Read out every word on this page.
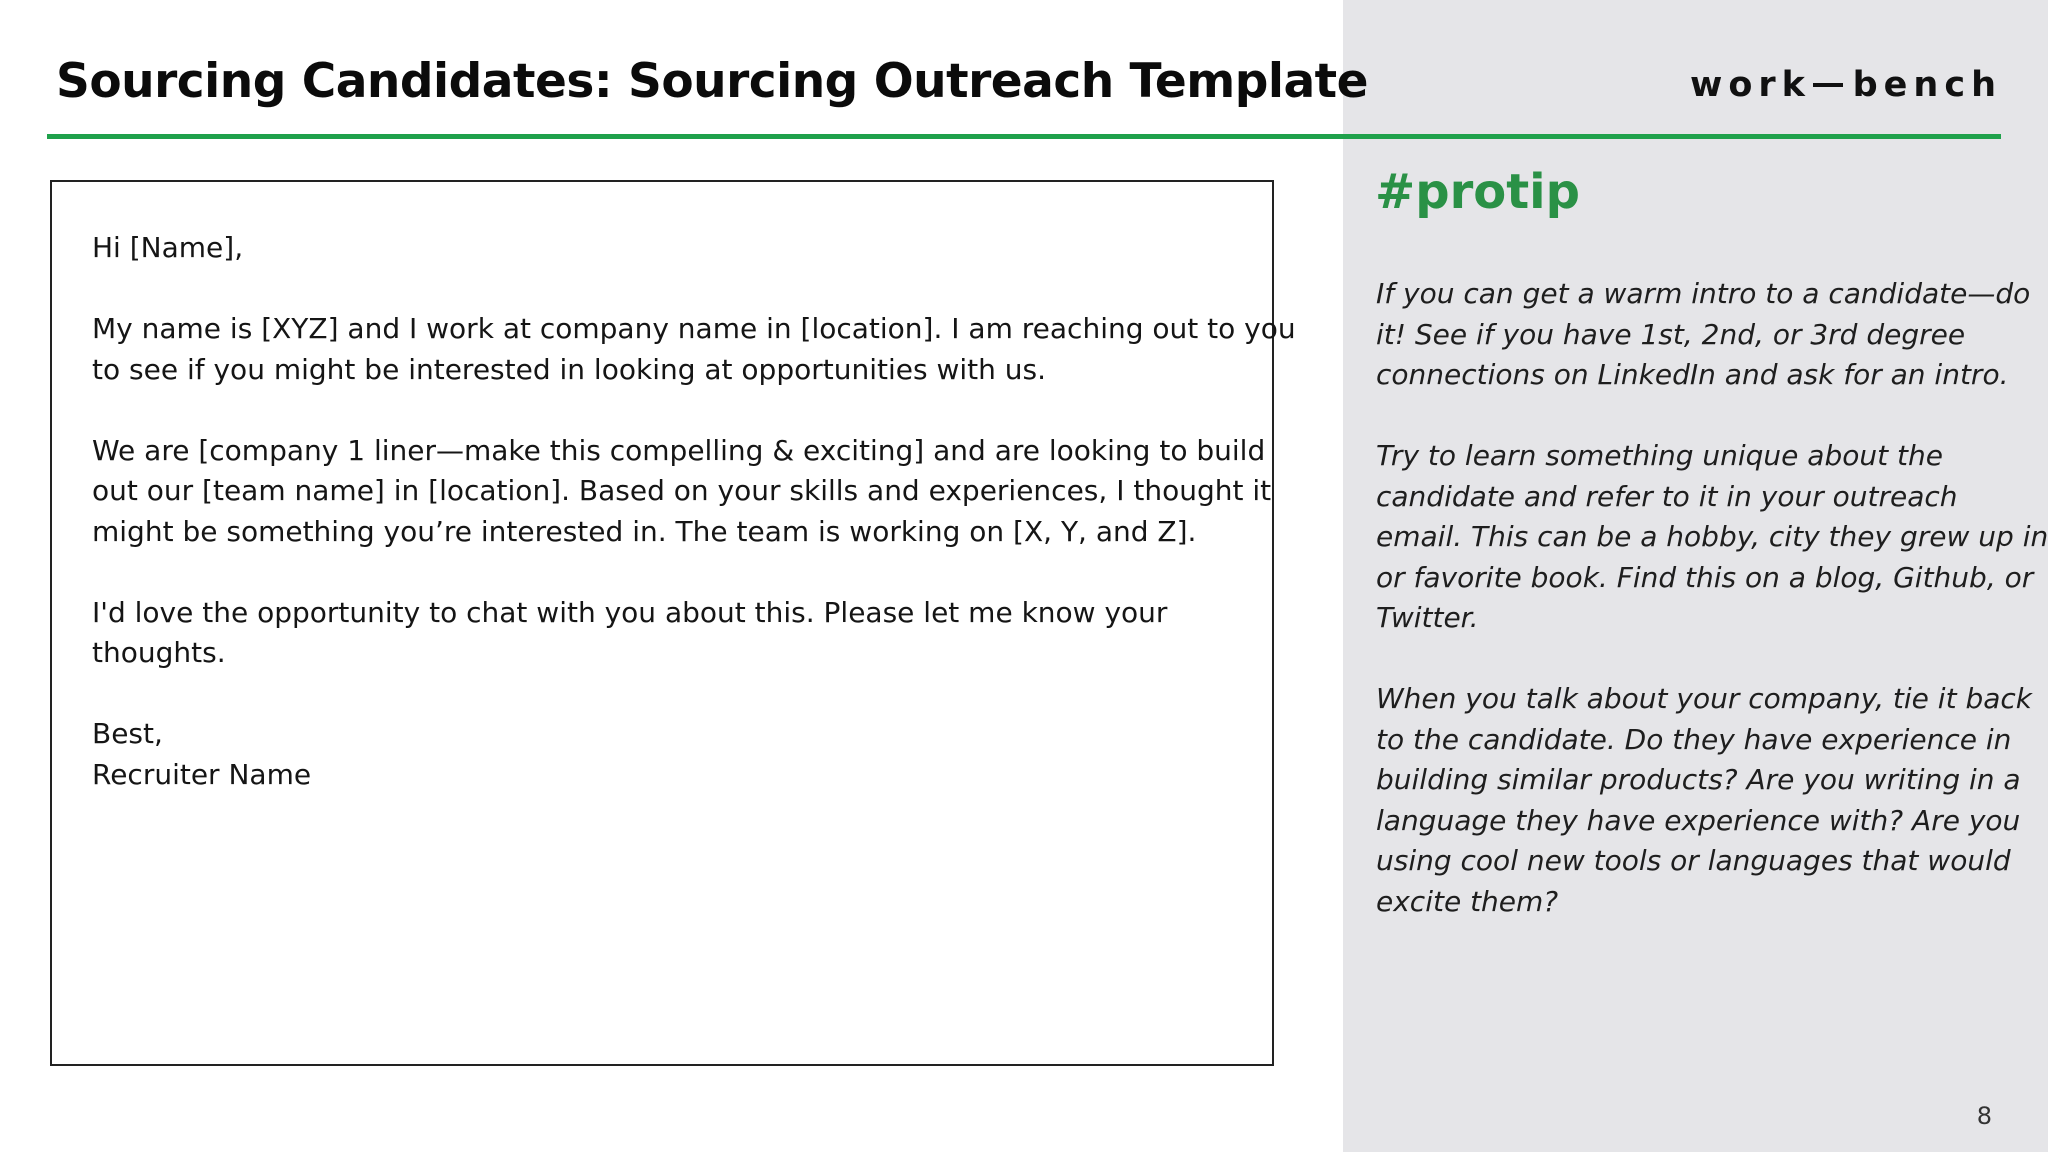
Sourcing Candidates: Sourcing Outreach Template	work bench

Hi [Name],

My name is [XYZ] and I work at company name in [location]. I am reaching out to you
to see if you might be interested in looking at opportunities with us.

We are [company 1 liner—make this compelling & exciting] and are looking to build
out our [team name] in [location]. Based on your skills and experiences, I thought it
might be something you’re interested in. The team is working on [X, Y, and Z].

I'd love the opportunity to chat with you about this. Please let me know your
thoughts.

Best,
Recruiter Name

#protip

If you can get a warm intro to a candidate—do
it! See if you have 1st, 2nd, or 3rd degree
connections on LinkedIn and ask for an intro.

Try to learn something unique about the
candidate and refer to it in your outreach
email. This can be a hobby, city they grew up in
or favorite book. Find this on a blog, Github, or
Twitter.

When you talk about your company, tie it back
to the candidate. Do they have experience in
building similar products? Are you writing in a
language they have experience with? Are you
using cool new tools or languages that would
excite them?

8
